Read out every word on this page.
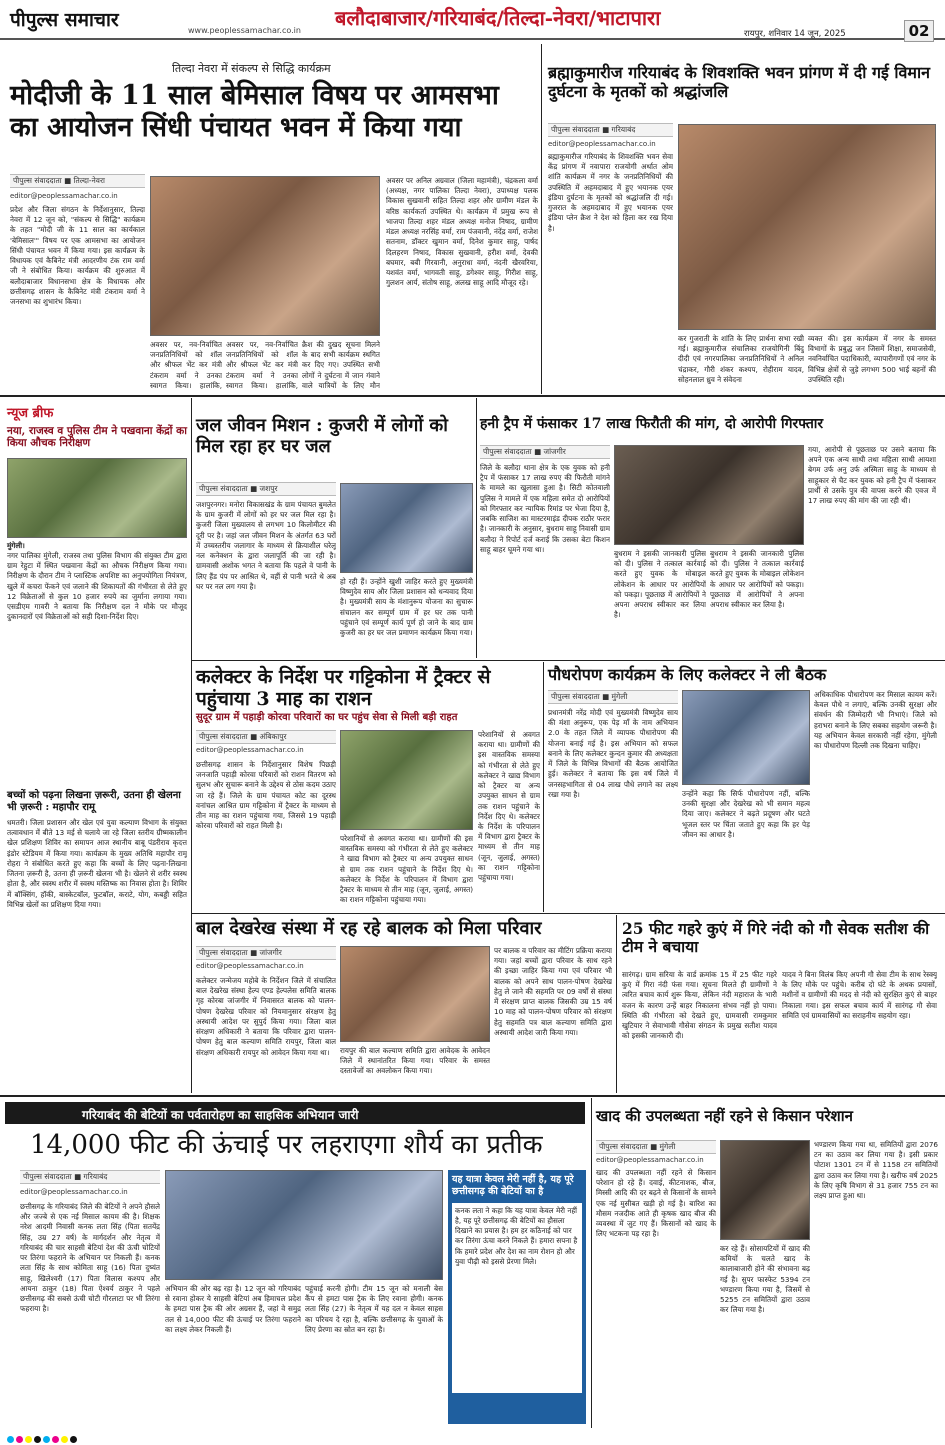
पीपुल्स समाचार	www.peoplessamachar.co.in
बलौदाबाजार/गरियाबंद/तिल्दा-नेवरा/भाटापारा
रायपुर, शनिवार 14 जून, 2025	02
तिल्दा नेवरा में संकल्प से सिद्धि कार्यक्रम
मोदीजी के 11 साल बेमिसाल विषय पर आमसभा का आयोजन सिंधी पंचायत भवन में किया गया
पीपुल्स संवाददाता ■ तिल्दा-नेवरा
editor@peoplessamachar.co.in
प्रदेश और जिला संगठन के निर्देशानुसार, तिल्दा नेवरा में 12 जून को, "संकल्प से सिद्धि" कार्यक्रम के तहत "मोदी जी के 11 साल का कार्यकाल 'बेमिसाल'" विषय पर एक आमसभा का आयोजन सिंधी पंचायत भवन में किया गया। इस कार्यक्रम के विधायक एवं कैबिनेट मंत्री आदरणीय टंक राम वर्मा जी ने संबोधित किया। कार्यक्रम की शुरुआत में बलौदाबाजार विधानसभा क्षेत्र के विधायक और छत्तीसगढ़ शासन के कैबिनेट मंत्री टंकराम वर्मा ने जनसभा का शुभारंभ किया।
अवसर पर, नव-निर्वाचित जनप्रतिनिधियों को शॉल और श्रीफल भेंट कर मंत्री टंकराम वर्मा ने उनका स्वागत किया। हालांकि,
अवसर पर, नव-निर्वाचित जनप्रतिनिधियों को शॉल और श्रीफल भेंट कर मंत्री टंकराम वर्मा ने उनका स्वागत किया। हालांकि,
क्रैश की दुखद सूचना मिलने के बाद सभी कार्यक्रम स्थगित कर दिए गए। उपस्थित सभी लोगों ने दुर्घटना में जान गंवाने वाले यात्रियों के लिए मौन
अवसर पर अनिल अग्रवाल (जिला महामंत्री), चंद्रकला वर्मा (अध्यक्ष, नगर पालिका तिल्दा नेवरा), उपाध्यक्ष पलक विकास सुखवानी सहित तिल्दा शहर और ग्रामीण मंडल के वरिष्ठ कार्यकर्ता उपस्थित थे। कार्यक्रम में प्रमुख रूप से भाजपा तिल्दा शहर मंडल अध्यक्ष मनोज निषाद, ग्रामीण मंडल अध्यक्ष नरसिंह वर्मा, राम पंजवानी, नंदेंद्र वर्मा, राजेश सतनाम, डॉक्टर खुमान वर्मा, दिनेश कुमार साहू, पार्षद दिलहरण निषाद, विकास सुखवानी, हरीश वर्मा, देवकी बघमार, बबी गिरवानी, अनुराधा वर्मा, नंदनी खैरवरिया, यशवंत वर्मा, भागवती साहू, डगेश्वर साहू, गिरीश साहू, गुलशन आर्य, संतोष साहू, अलख साहू आदि मौजूद रहे।
ब्रह्माकुमारीज गरियाबंद के शिवशक्ति भवन प्रांगण में दी गई विमान दुर्घटना के मृतकों को श्रद्धांजलि
पीपुल्स संवाददाता ■ गरियाबंद
editor@peoplessamachar.co.in
ब्रह्माकुमारीज गरियाबंद के शिवशक्ति भवन सेवा केंद्र प्रांगण में नवापारा राजयोगी अर्थात ओम शांति कार्यक्रम में नगर के जनप्रतिनिधियों की उपस्थिति में अहमदाबाद में हुए भयानक एयर इंडिया दुर्घटना के मृतकों को श्रद्धांजलि दी गई। गुजरात के अहमदाबाद में हुए भयानक एयर इंडिया प्लेन क्रैश ने देश को हिला कर रख दिया है।
कर गुजराती के शांति के लिए प्रार्थना सभा रखी गई। ब्रह्माकुमारीज संचालिका राजयोगिनी बिंदु दीदी एवं नगरपालिका जनप्रतिनिधियों ने अनिल चंद्राकर, गौरी शंकर कश्यप, रोहीराम यादव, सोहनलाल ध्रुव ने संवेदना
व्यक्त की। इस कार्यक्रम में नगर के समस्त विभागों के प्रबुद्ध जन जिसमें शिक्षा, समाजसेवी, नवनिर्वाचित पदाधिकारी, व्यापारीगणों एवं नगर के विभिन्न क्षेत्रों से जुड़े लगभग 500 भाई बहनों की उपस्थिति रही।
न्यूज ब्रीफ
नया, राजस्व व पुलिस टीम ने पखवाना केंद्रों का किया औचक निरीक्षण
मुंगेली।
नगर पालिका मुंगेली, राजस्व तथा पुलिस विभाग की संयुक्त टीम द्वारा ग्राम रेहुटा में स्थित पखवाना केंद्रों का औचक निरीक्षण किया गया। निरीक्षण के दौरान टीम ने प्लास्टिक अपशिष्ट का अनुपयोगिता नियंत्रण, खुले में कचरा फेंकने एवं जलाने की शिकायतों की गंभीरता से लेते हुए 12 विक्रेताओं से कुल 10 हजार रुपये का जुर्माना लगाया गया। एसडीएम गावरी ने बताया कि निरीक्षण दल ने मौके पर मौजूद दुकानदारों एवं विक्रेताओं को सही दिशा-निर्देश दिए।
बच्चों को पढ़ना लिखना ज़रूरी, उतना ही खेलना भी ज़रूरी : महापौर रामू
धमतरी। जिला प्रशासन और खेल एवं युवा कल्याण विभाग के संयुक्त तत्वावधान में बीते 13 मई से चलाये जा रहे जिला स्तरीय ग्रीष्मकालीन खेल प्रशिक्षण शिविर का समापन आज स्थानीय बाबू पंडरीराव कृदत्त इंडोर स्टेडियम में किया गया। कार्यक्रम के मुख्य अतिथि महापौर रामू रोहरा ने संबोधित करते हुए कहा कि बच्चों के लिए पढ़ना-लिखना जितना ज़रूरी है, उतना ही ज़रूरी खेलना भी है। खेलने से शरीर स्वस्थ होता है, और स्वस्थ शरीर में स्वस्थ मस्तिष्क का निवास होता है। शिविर में बॉक्सिंग, हॉकी, बास्केटबॉल, फुटबॉल, कराटे, योग, कबड्डी सहित विभिन्न खेलों का प्रशिक्षण दिया गया।
जल जीवन मिशन : कुजरी में लोगों को मिल रहा हर घर जल
पीपुल्स संवाददाता ■ जशपुर
जशपुरनगर। मनोरा विकासखंड के ग्राम पंचायत बुमलेत के ग्राम कुजरी में लोगों को हर घर जल मिल रहा है। कुजरी जिला मुख्यालय से लगभग 10 किलोमीटर की दूरी पर है। जहां जल जीवन मिशन के अंतर्गत 63 घरों में उच्चस्तरीय जलागार के माध्यम से क्रियाशील घरेलू नल कनेक्शन के द्वारा जलापूर्ति की जा रही है। ग्रामवासी अशोक भगत ने बताया कि पहले वे पानी के लिए हैंड पंप पर आश्रित थे, वहीं से पानी भरते थे अब घर पर नल लग गया है।
हो रही हैं। उन्होंने खुशी जाहिर करते हुए मुख्यमंत्री विष्णुदेव साय और जिला प्रशासन को धन्यवाद दिया है। मुख्यमंत्री साय के मंशानुरूप योजना का सुचारू संचालन कर सम्पूर्ण ग्राम में हर घर तक पानी पहुंचाने एवं सम्पूर्ण कार्य पूर्ण हो जाने के बाद ग्राम कुजरी का हर घर जल प्रमाणन कार्यक्रम किया गया।
हनी ट्रैप में फंसाकर 17 लाख फिरौती की मांग, दो आरोपी गिरफ्तार
पीपुल्स संवाददाता ■ जांजगीर
जिले के बलौदा थाना क्षेत्र के एक युवक को हनी ट्रैप में फंसाकर 17 लाख रुपए की फिरौती मांगने के मामले का खुलासा हुआ है। सिटी कोतवाली पुलिस ने मामले में एक महिला समेत दो आरोपियों को गिरफ्तार कर न्यायिक रिमांड पर भेजा दिया है, जबकि साजिश का मास्टरमाइंड दीपक राठौर फरार है। जानकारी के अनुसार, बुधराम साहू निवासी ग्राम बलौदा ने रिपोर्ट दर्ज कराई कि उसका बेटा किशन साहू बाहर घूमने गया था।	बुधराम ने इसकी जानकारी पुलिस को दी। पुलिस ने तत्काल कार्रवाई करते हुए युवक के मोबाइल लोकेशन के आधार पर आरोपियों को पकड़ा। पूछताछ में आरोपियों ने अपना अपराध स्वीकार कर लिया है।
बुधराम ने इसकी जानकारी पुलिस को दी। पुलिस ने तत्काल कार्रवाई करते हुए युवक के मोबाइल लोकेशन के आधार पर आरोपियों को पकड़ा। पूछताछ में आरोपियों ने अपना अपराध स्वीकार कर लिया है।
गया, आरोपी से पूछताछ पर उसने बताया कि अपने एक अन्य साथी तथा महिला साथी आयशा बेगम उर्फ अनु उर्फ अस्मिता साहू के माध्यम से साहूकार से चैट कर युवक को हनी ट्रैप में फंसाकर प्रार्थी से उसके पुत्र की वापस करने की एवज में 17 लाख रुपए की मांग की जा रही थी।
कलेक्टर के निर्देश पर गट्टिकोना में ट्रैक्टर से पहुंचाया 3 माह का राशन
सुदूर ग्राम में पहाड़ी कोरवा परिवारों का घर पहुंच सेवा से मिली बड़ी राहत
पीपुल्स संवाददाता ■ अंबिकापुर
editor@peoplessamachar.co.in
छत्तीसगढ़ शासन के निर्देशानुसार विशेष पिछड़ी जनजाति पहाड़ी कोरवा परिवारों को राशन वितरण को सुलभ और सुचारू बनाने के उद्देश्य से ठोस कदम उठाए जा रहे हैं। जिले के ग्राम पंचायत कोट का दूरस्थ वनांचल आश्रित ग्राम गट्टिकोना में ट्रैक्टर के माध्यम से तीन माह का राशन पहुंचाया गया, जिससे 19 पहाड़ी कोरवा परिवारों को राहत मिली है।
परेशानियों से अवगत कराया था। ग्रामीणों की इस वास्तविक समस्या को गंभीरता से लेते हुए कलेक्टर ने खाद्य विभाग को ट्रैक्टर या अन्य उपयुक्त साधन से ग्राम तक राशन पहुंचाने के निर्देश दिए थे। कलेक्टर के निर्देश के परिपालन में विभाग द्वारा ट्रैक्टर के माध्यम से तीन माह (जून, जुलाई, अगस्त) का राशन गट्टिकोना पहुंचाया गया।
परेशानियों से अवगत कराया था। ग्रामीणों की इस वास्तविक समस्या को गंभीरता से लेते हुए कलेक्टर ने खाद्य विभाग को ट्रैक्टर या अन्य उपयुक्त साधन से ग्राम तक राशन पहुंचाने के निर्देश दिए थे। कलेक्टर के निर्देश के परिपालन में विभाग द्वारा ट्रैक्टर के माध्यम से तीन माह (जून, जुलाई, अगस्त) का राशन गट्टिकोना पहुंचाया गया।
पौधरोपण कार्यक्रम के लिए कलेक्टर ने ली बैठक
पीपुल्स संवाददाता ■ मुंगेली
प्रधानमंत्री नरेंद्र मोदी एवं मुख्यमंत्री विष्णुदेव साय की मंशा अनुरूप, एक पेड़ माँ के नाम अभियान 2.0 के तहत जिले में व्यापक पौधारोपण की योजना बनाई गई है। इस अभियान को सफल बनाने के लिए कलेक्टर कुन्दन कुमार की अध्यक्षता में जिले के विभिन्न विभागों की बैठक आयोजित हुई। कलेक्टर ने बताया कि इस वर्ष जिले में जनसहभागिता से 04 लाख पौधे लगाने का लक्ष्य रखा गया है।	उन्होंने कहा कि सिर्फ पौधारोपण नहीं, बल्कि उनकी सुरक्षा और देखरेख को भी समान महत्व दिया जाए। कलेक्टर ने बढ़ते प्रदूषण और घटते भूजल स्तर पर चिंता जताते हुए कहा कि हर पेड़ जीवन का आधार है।
अधिकाधिक पौधारोपण कर मिसाल कायम करें। केवल पौधे न लगाएं, बल्कि उनकी सुरक्षा और संवर्धन की जिम्मेदारी भी निभाएं। जिले को हराभरा बनाने के लिए सबका सहयोग जरूरी है। यह अभियान केवल सरकारी नहीं रहेगा, मुंगेली का पौधारोपण दिल्ली तक दिखना चाहिए।
बाल देखरेख संस्था में रह रहे बालक को मिला परिवार
पीपुल्स संवाददाता ■ जांजगीर
editor@peoplessamachar.co.in
कलेक्टर जन्मेजय महोबे के निर्देशन जिले में संचालित बाल देखरेख संस्था हेल्प एण्ड हेल्पलेस समिति बालक गृह कोरबा जांजगीर में निवासरत बालक को पालन-पोषण देखरेख परिवार को नियमानुसार संरक्षण हेतु अस्थायी आदेश पर सुपुर्द किया गया। जिला बाल संरक्षण अधिकारी ने बताया कि परिवार द्वारा पालन-पोषण हेतु बाल कल्याण समिति रायपुर, जिला बाल संरक्षण अधिकारी रायपुर को आवेदन किया गया था।	रायपुर की बाल कल्याण समिति द्वारा आवेदक के आवेदन जिले में स्थानांतरित किया गया। परिवार के समस्त दस्तावेजों का अवलोकन किया गया।
पर बालक व परिवार का मीटिंग प्रक्रिया कराया गया। जहां बच्चों द्वारा परिवार के साथ रहने की इच्छा जाहिर किया गया एवं परिवार भी बालक को अपने साथ पालन-पोषण देखरेख हेतु ले जाने की सहमति पर 09 वर्षों से संस्था में संरक्षण प्राप्त बालक जिसकी उम्र 15 वर्ष 10 माह को पालन-पोषण परिवार को संरक्षण हेतु सहमति पत्र बाल कल्याण समिति द्वारा अस्थायी आदेश जारी किया गया।
25 फीट गहरे कुएं में गिरे नंदी को गौ सेवक सतीश की टीम ने बचाया
सारंगढ़। ग्राम सरिया के वार्ड क्रमांक 15 में 25 फीट गहरे कुएं में गिरा नंदी फंस गया। सूचना मिलते ही ग्रामीणों ने त्वरित बचाव कार्य शुरू किया, लेकिन नंदी महाराज के भारी वजन के कारण उन्हें बाहर निकालना संभव नहीं हो पाया। स्थिति की गंभीरता को देखते हुए, ग्रामवासी रामकुमार खुटियार ने सेवाभावी गौसेवा संगठन के प्रमुख सतीश यादव को इसकी जानकारी दी।
यादव ने बिना विलंब किए अपनी गौ सेवा टीम के साथ रेस्क्यू के लिए मौके पर पहुंचे। करीब दो घंटे के अथक प्रयासों, मशीनों व ग्रामीणों की मदद से नंदी को सुरक्षित कुएं से बाहर निकाला गया। इस सफल बचाव कार्य में सारंगढ़ गौ सेवा समिति एवं ग्रामवासियों का सराहनीय सहयोग रहा।
गरियाबंद की बेटियों का पर्वतारोहण का साहसिक अभियान जारी
14,000 फीट की ऊंचाई पर लहराएगा शौर्य का प्रतीक
पीपुल्स संवाददाता ■ गरियाबंद
editor@peoplessamachar.co.in
छत्तीसगढ़ के गरियाबंद जिले की बेटियों ने अपने हौसले और जज्बे से एक नई मिसाल कायम की है। शिक्षक नरेश आदमी निवासी कनक लता सिंह (पिता सतयेंद्र सिंह, उम्र 27 वर्ष) के मार्गदर्शन और नेतृत्व में गरियाबंद की चार साहसी बेटियां देश की ऊंची चोटियों पर तिरंगा फहराने के अभियान पर निकली हैं। कनक लता सिंह के साथ कोमिता साहू (16) पिता दुष्यंत साहू, खिलेश्वरी (17) पिता विलास कश्यप और आयना ठाकुर (18) पिता ऐश्वर्य ठाकुर ने पहले छत्तीसगढ़ की सबसे ऊंची चोटी गौरलाटा पर भी तिरंगा फहराया है।
अभियान की ओर बढ़ रहा है। 12 जून को गरियाबंद से रवाना होकर ये साहसी बेटियां अब हिमाचल प्रदेश के हमटा पास ट्रैक की ओर अग्रसर हैं, जहां वे समुद्र तल से 14,000 फीट की ऊंचाई पर तिरंगा फहराने का लक्ष्य लेकर निकली हैं।
पहुंचाई करनी होगी। टीम 15 जून को मनाली बेस कैंप से हमटा पास ट्रैक के लिए रवाना होगी। कनक लता सिंह (27) के नेतृत्व में यह दल न केवल साहस का परिचय दे रहा है, बल्कि छत्तीसगढ़ के युवाओं के लिए प्रेरणा का स्रोत बन रहा है।
यह यात्रा केवल मेरी नहीं है, यह पूरे छत्तीसगढ़ की बेटियों का है
कनक लता ने कहा कि यह यात्रा केवल मेरी नहीं है, यह पूरे छत्तीसगढ़ की बेटियों का हौसला दिखाने का प्रयास है। हम हर कठिनाई को पार कर तिरंगा ऊंचा करने निकले हैं। हमारा सपना है कि हमारे प्रदेश और देश का नाम रोशन हो और युवा पीढ़ी को इससे प्रेरणा मिले।
खाद की उपलब्धता नहीं रहने से किसान परेशान
पीपुल्स संवाददाता ■ मुंगेली
editor@peoplessamachar.co.in
खाद की उपलब्धता नहीं रहने से किसान परेशान हो रहे हैं। दवाई, कीटनाशक, बीज, मिस्सी आदि की दर बढ़ने से किसानों के सामने एक नई मुसीबत खड़ी हो गई है। बारिश का मौसम नजदीक आते ही कृषक खाद बीज की व्यवस्था में जुट गए हैं। किसानों को खाद के लिए भटकना पड़ रहा है।
कर रहे हैं। सोसायटियों में खाद की कमियों के चलते खाद के कालाबाजारी होने की संभावना बढ़ गई है। सुपर फास्फेट 5394 टन भण्डारण किया गया है, जिसमें से 5255 टन समितियों द्वारा उठाव कर लिया गया है।
भण्डारण किया गया था, समितियों द्वारा 2076 टन का उठाव कर लिया गया है। इसी प्रकार पोटाश 1301 टन में से 1158 टन समितियों द्वारा उठाव कर लिया गया है। खरीफ वर्ष 2025 के लिए कृषि विभाग से 31 हजार 755 टन का लक्ष्य प्राप्त हुआ था।
